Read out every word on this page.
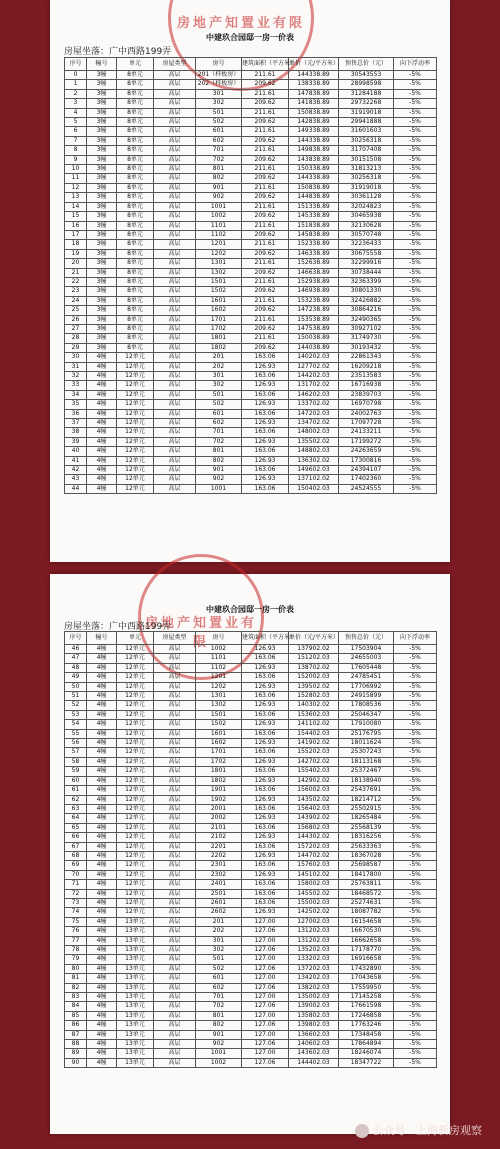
房地产知置业有限
中建玖合园邸一房一价表
房屋坐落：广中西路199弄
序号	幢号	单元	房屋类型	房号	建筑面积（平方米）	单价（元/平方米）	预售总价（元）	向下浮动率
0	3幢	8单元	高层	201（样板房）	211.61	144338.89	30543553	-5%
1	3幢	8单元	高层	202（样板房）	209.62	138338.89	28998598	-5%
2	3幢	8单元	高层	301	211.61	147838.89	31284188	-5%
3	3幢	8单元	高层	302	209.62	141838.89	29732268	-5%
4	3幢	8单元	高层	501	211.61	150838.89	31919018	-5%
5	3幢	8单元	高层	502	209.62	142838.89	29941888	-5%
6	3幢	8单元	高层	601	211.61	149338.89	31601603	-5%
7	3幢	8单元	高层	602	209.62	144338.89	30256318	-5%
8	3幢	8单元	高层	701	211.61	149838.89	31707408	-5%
9	3幢	8单元	高层	702	209.62	143838.89	30151508	-5%
10	3幢	8单元	高层	801	211.61	150338.89	31813213	-5%
11	3幢	8单元	高层	802	209.62	144338.89	30256318	-5%
12	3幢	8单元	高层	901	211.61	150838.89	31919018	-5%
13	3幢	8单元	高层	902	209.62	144838.89	30361128	-5%
14	3幢	8单元	高层	1001	211.61	151338.89	32024823	-5%
15	3幢	8单元	高层	1002	209.62	145338.89	30465938	-5%
16	3幢	8单元	高层	1101	211.61	151838.89	32130628	-5%
17	3幢	8单元	高层	1102	209.62	145838.89	30570748	-5%
18	3幢	8单元	高层	1201	211.61	152338.89	32236433	-5%
19	3幢	8单元	高层	1202	209.62	146338.89	30675558	-5%
20	3幢	8单元	高层	1301	211.61	152638.89	32299916	-5%
21	3幢	8单元	高层	1302	209.62	146638.89	30738444	-5%
22	3幢	8单元	高层	1501	211.61	152938.89	32363399	-5%
23	3幢	8单元	高层	1502	209.62	146938.89	30801330	-5%
24	3幢	8单元	高层	1601	211.61	153238.89	32426882	-5%
25	3幢	8单元	高层	1602	209.62	147238.89	30864216	-5%
26	3幢	8单元	高层	1701	211.61	153538.89	32490365	-5%
27	3幢	8单元	高层	1702	209.62	147538.89	30927102	-5%
28	3幢	8单元	高层	1801	211.61	150038.89	31749730	-5%
29	3幢	8单元	高层	1802	209.62	144038.89	30193432	-5%
30	4幢	12单元	高层	201	163.06	140202.03	22861343	-5%
31	4幢	12单元	高层	202	126.93	127702.02	16209218	-5%
32	4幢	12单元	高层	301	163.06	144202.03	23513583	-5%
33	4幢	12单元	高层	302	126.93	131702.02	16716938	-5%
34	4幢	12单元	高层	501	163.06	146202.03	23839703	-5%
35	4幢	12单元	高层	502	126.93	133702.02	16970798	-5%
36	4幢	12单元	高层	601	163.06	147202.03	24002763	-5%
37	4幢	12单元	高层	602	126.93	134702.02	17097728	-5%
38	4幢	12单元	高层	701	163.06	148002.03	24133211	-5%
39	4幢	12单元	高层	702	126.93	135502.02	17199272	-5%
40	4幢	12单元	高层	801	163.06	148802.03	24263659	-5%
41	4幢	12单元	高层	802	126.93	136302.02	17300816	-5%
42	4幢	12单元	高层	901	163.06	149602.03	24394107	-5%
43	4幢	12单元	高层	902	126.93	137102.02	17402360	-5%
44	4幢	12单元	高层	1001	163.06	150402.03	24524555	-5%
房地产知置业有限
中建玖合园邸一房一价表
房屋坐落：广中西路199弄
序号	幢号	单元	房屋类型	房号	建筑面积（平方米）	单价（元/平方米）	预售总价（元）	向下浮动率
46	4幢	12单元	高层	1002	126.93	137902.02	17503904	-5%
47	4幢	12单元	高层	1101	163.06	151202.03	24655003	-5%
48	4幢	12单元	高层	1102	126.93	138702.02	17605448	-5%
49	4幢	12单元	高层	1201	163.06	152002.03	24785451	-5%
50	4幢	12单元	高层	1202	126.93	139502.02	17706992	-5%
51	4幢	12单元	高层	1301	163.06	152802.03	24915899	-5%
52	4幢	12单元	高层	1302	126.93	140302.02	17808536	-5%
53	4幢	12单元	高层	1501	163.06	153602.03	25046347	-5%
54	4幢	12单元	高层	1502	126.93	141102.02	17910080	-5%
55	4幢	12单元	高层	1601	163.06	154402.03	25176795	-5%
56	4幢	12单元	高层	1602	126.93	141902.02	18011624	-5%
57	4幢	12单元	高层	1701	163.06	155202.03	25307243	-5%
58	4幢	12单元	高层	1702	126.93	142702.02	18113168	-5%
59	4幢	12单元	高层	1801	163.06	155402.03	25372467	-5%
60	4幢	12单元	高层	1802	126.93	142902.02	18138940	-5%
61	4幢	12单元	高层	1901	163.06	156002.03	25437691	-5%
62	4幢	12单元	高层	1902	126.93	143502.02	18214712	-5%
63	4幢	12单元	高层	2001	163.06	156402.03	25502915	-5%
64	4幢	12单元	高层	2002	126.93	143902.02	18265484	-5%
65	4幢	12单元	高层	2101	163.06	156802.03	25568139	-5%
66	4幢	12单元	高层	2102	126.93	144302.02	18316256	-5%
67	4幢	12单元	高层	2201	163.06	157202.03	25633363	-5%
68	4幢	12单元	高层	2202	126.93	144702.02	18367028	-5%
69	4幢	12单元	高层	2301	163.06	157602.03	25698587	-5%
70	4幢	12单元	高层	2302	126.93	145102.02	18417800	-5%
71	4幢	12单元	高层	2401	163.06	158002.03	25763811	-5%
72	4幢	12单元	高层	2501	163.06	145502.02	18468572	-5%
73	4幢	12单元	高层	2601	163.06	155002.03	25274631	-5%
74	4幢	12单元	高层	2602	126.93	142502.02	18087782	-5%
75	4幢	13单元	高层	201	127.00	127002.03	16154658	-5%
76	4幢	13单元	高层	202	127.06	131202.03	16670530	-5%
77	4幢	13单元	高层	301	127.00	131202.03	16662658	-5%
78	4幢	13单元	高层	302	127.06	135202.03	17178770	-5%
79	4幢	13单元	高层	501	127.00	133202.03	16916658	-5%
80	4幢	13单元	高层	502	127.06	137202.03	17432890	-5%
81	4幢	13单元	高层	601	127.00	134202.03	17043658	-5%
82	4幢	13单元	高层	602	127.06	138202.03	17559950	-5%
83	4幢	13单元	高层	701	127.00	135002.03	17145258	-5%
84	4幢	13单元	高层	702	127.06	139002.03	17661598	-5%
85	4幢	13单元	高层	801	127.00	135802.03	17246858	-5%
86	4幢	13单元	高层	802	127.06	139802.03	17763246	-5%
87	4幢	13单元	高层	901	127.00	136602.03	17348458	-5%
88	4幢	13单元	高层	902	127.06	140602.03	17864894	-5%
89	4幢	13单元	高层	1001	127.00	143602.03	18246074	-5%
90	4幢	13单元	高层	1002	127.06	144402.03	18347722	-5%
公众号 · 上海新房观察
